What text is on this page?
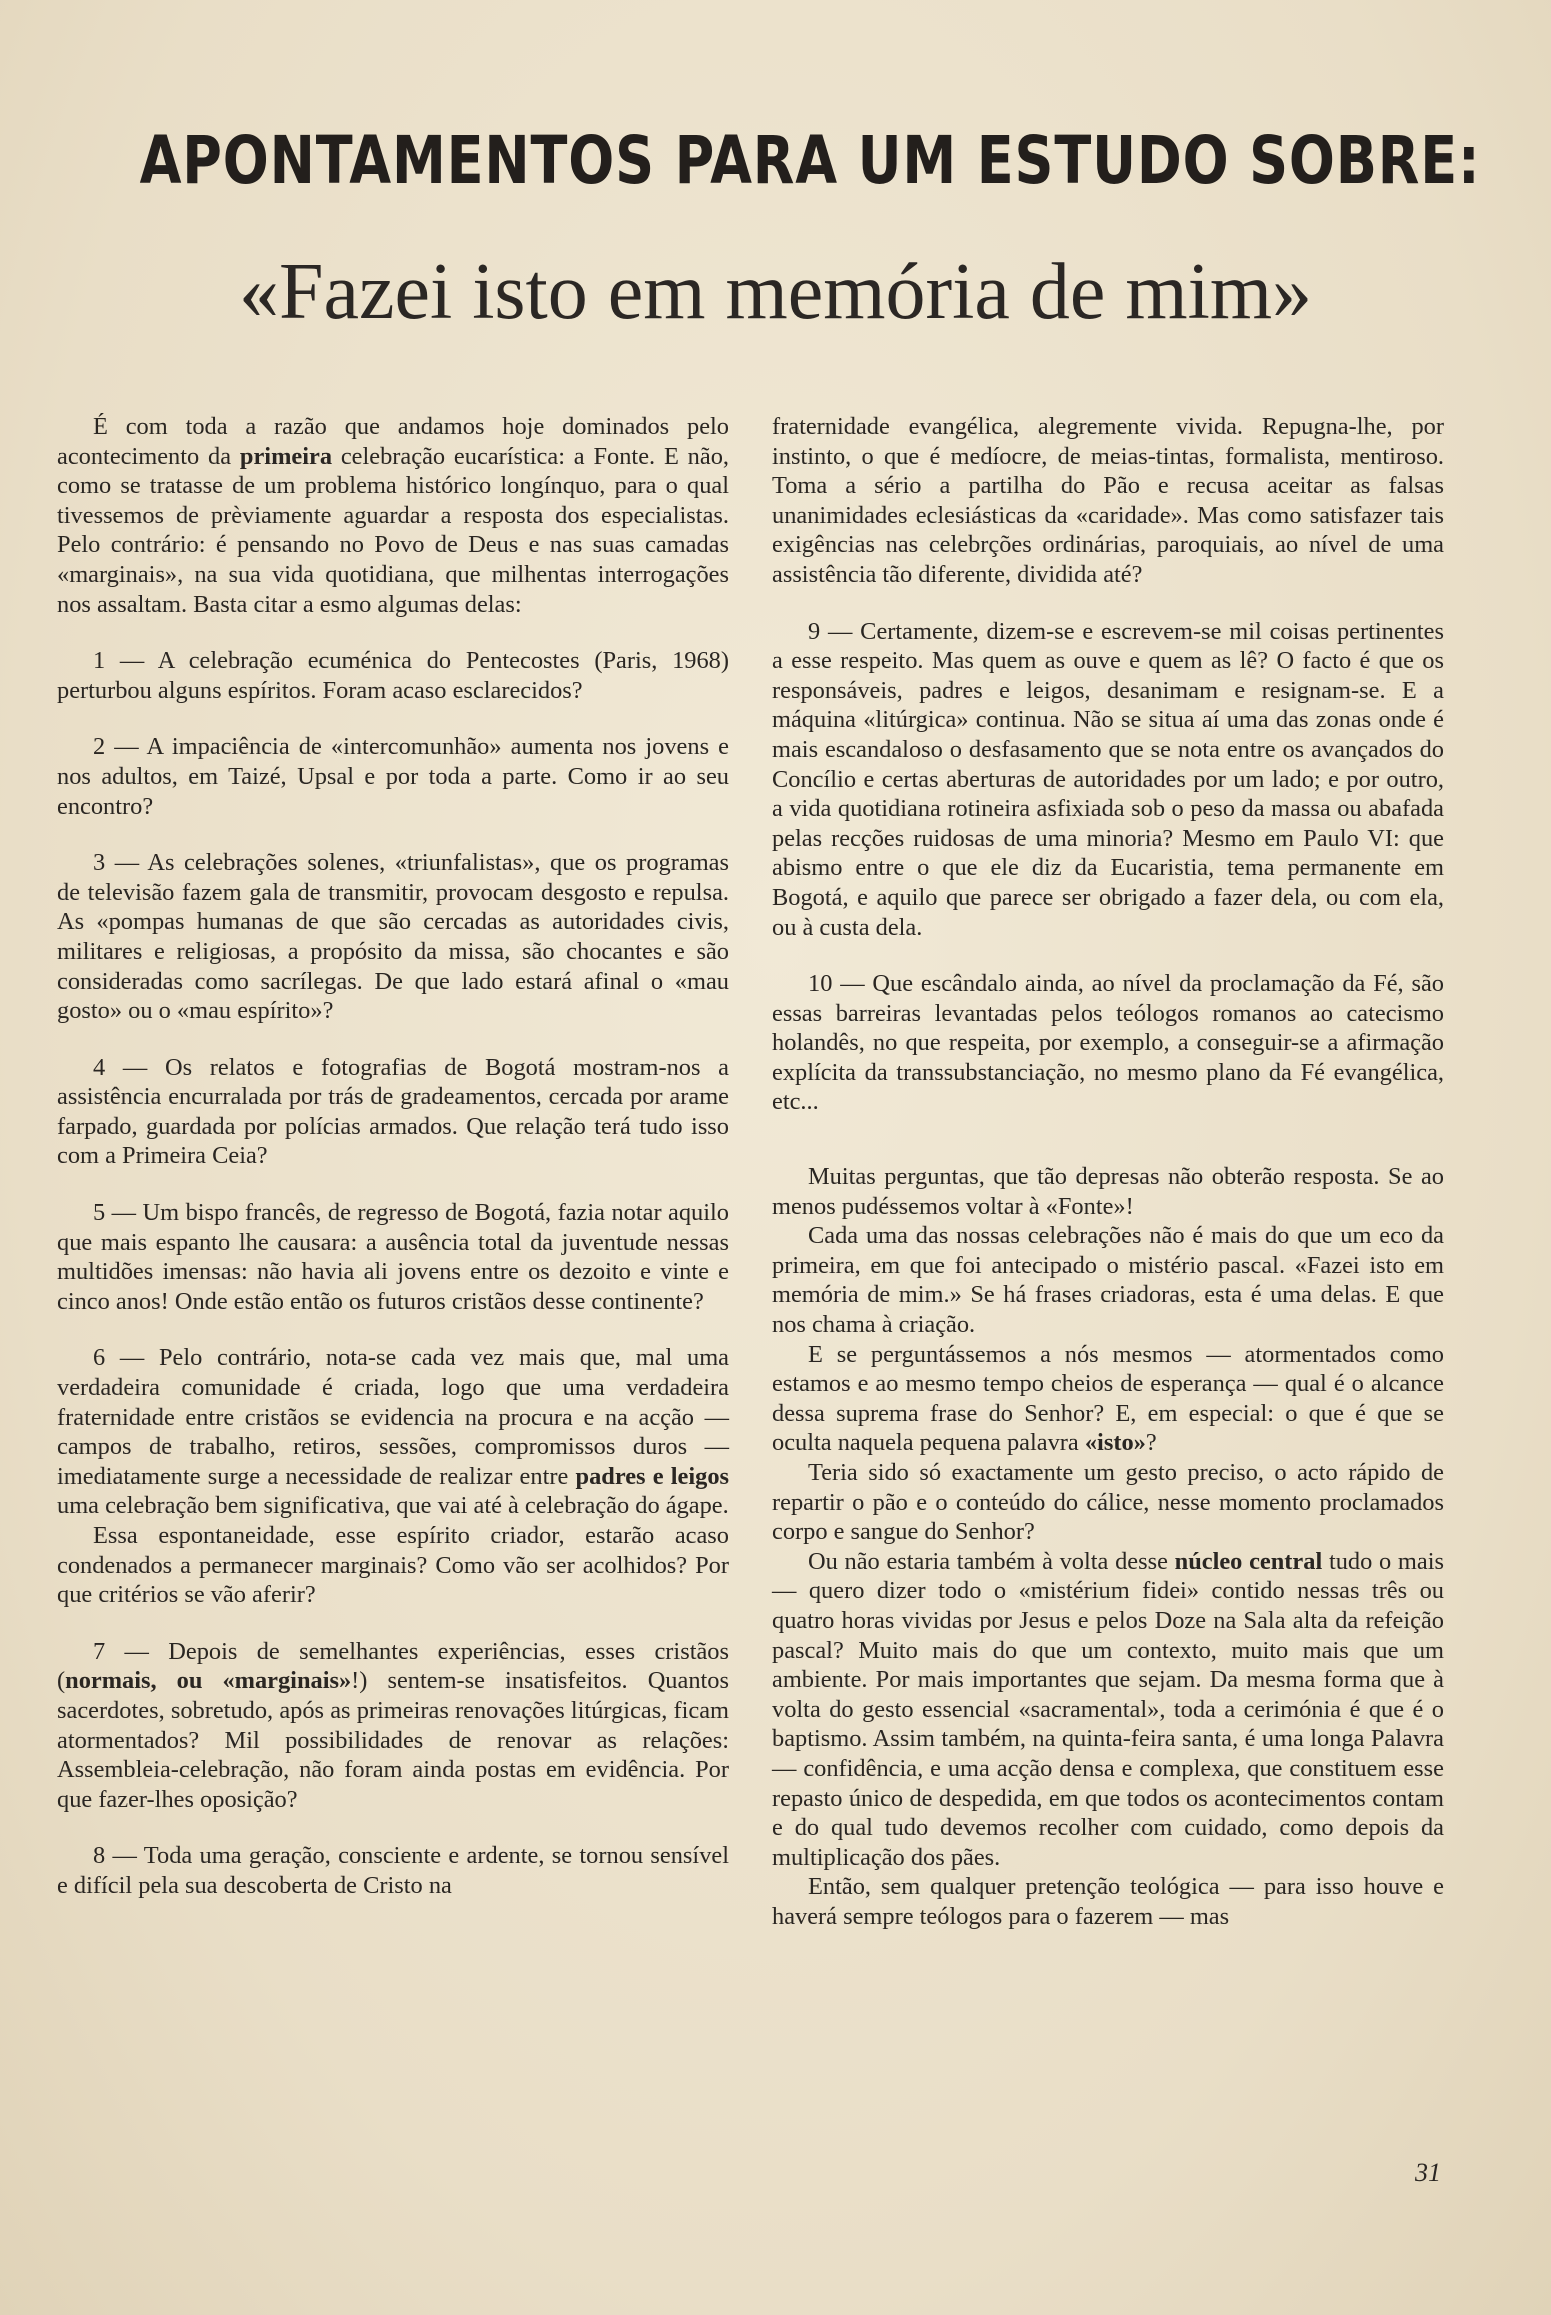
APONTAMENTOS PARA UM ESTUDO SOBRE:
«Fazei isto em memória de mim»

É com toda a razão que andamos hoje dominados pelo acontecimento da primeira celebração eucarística: a Fonte. E não, como se tratasse de um problema histórico longínquo, para o qual tivessemos de prèviamente aguardar a resposta dos especialistas. Pelo contrário: é pensando no Povo de Deus e nas suas camadas «marginais», na sua vida quotidiana, que milhentas interrogações nos assaltam. Basta citar a esmo algumas delas:

1 — A celebração ecuménica do Pentecostes (Paris, 1968) perturbou alguns espíritos. Foram acaso esclarecidos?

2 — A impaciência de «intercomunhão» aumenta nos jovens e nos adultos, em Taizé, Upsal e por toda a parte. Como ir ao seu encontro?

3 — As celebrações solenes, «triunfalistas», que os programas de televisão fazem gala de transmitir, provocam desgosto e repulsa. As «pompas humanas de que são cercadas as autoridades civis, militares e religiosas, a propósito da missa, são chocantes e são consideradas como sacrílegas. De que lado estará afinal o «mau gosto» ou o «mau espírito»?

4 — Os relatos e fotografias de Bogotá mostram-nos a assistência encurralada por trás de gradeamentos, cercada por arame farpado, guardada por polícias armados. Que relação terá tudo isso com a Primeira Ceia?

5 — Um bispo francês, de regresso de Bogotá, fazia notar aquilo que mais espanto lhe causara: a ausência total da juventude nessas multidões imensas: não havia ali jovens entre os dezoito e vinte e cinco anos! Onde estão então os futuros cristãos desse continente?

6 — Pelo contrário, nota-se cada vez mais que, mal uma verdadeira comunidade é criada, logo que uma verdadeira fraternidade entre cristãos se evidencia na procura e na acção — campos de trabalho, retiros, sessões, compromissos duros — imediatamente surge a necessidade de realizar entre padres e leigos uma celebração bem significativa, que vai até à celebração do ágape.

Essa espontaneidade, esse espírito criador, estarão acaso condenados a permanecer marginais? Como vão ser acolhidos? Por que critérios se vão aferir?

7 — Depois de semelhantes experiências, esses cristãos (normais, ou «marginais»!) sentem-se insatisfeitos. Quantos sacerdotes, sobretudo, após as primeiras renovações litúrgicas, ficam atormentados? Mil possibilidades de renovar as relações: Assembleia-celebração, não foram ainda postas em evidência. Por que fazer-lhes oposição?

8 — Toda uma geração, consciente e ardente, se tornou sensível e difícil pela sua descoberta de Cristo na

fraternidade evangélica, alegremente vivida. Repugna-lhe, por instinto, o que é medíocre, de meias-tintas, formalista, mentiroso. Toma a sério a partilha do Pão e recusa aceitar as falsas unanimidades eclesiásticas da «caridade». Mas como satisfazer tais exigências nas celebrções ordinárias, paroquiais, ao nível de uma assistência tão diferente, dividida até?

9 — Certamente, dizem-se e escrevem-se mil coisas pertinentes a esse respeito. Mas quem as ouve e quem as lê? O facto é que os responsáveis, padres e leigos, desanimam e resignam-se. E a máquina «litúrgica» continua. Não se situa aí uma das zonas onde é mais escandaloso o desfasamento que se nota entre os avançados do Concílio e certas aberturas de autoridades por um lado; e por outro, a vida quotidiana rotineira asfixiada sob o peso da massa ou abafada pelas recções ruidosas de uma minoria? Mesmo em Paulo VI: que abismo entre o que ele diz da Eucaristia, tema permanente em Bogotá, e aquilo que parece ser obrigado a fazer dela, ou com ela, ou à custa dela.

10 — Que escândalo ainda, ao nível da proclamação da Fé, são essas barreiras levantadas pelos teólogos romanos ao catecismo holandês, no que respeita, por exemplo, a conseguir-se a afirmação explícita da transsubstanciação, no mesmo plano da Fé evangélica, etc...

Muitas perguntas, que tão depresas não obterão resposta. Se ao menos pudéssemos voltar à «Fonte»!

Cada uma das nossas celebrações não é mais do que um eco da primeira, em que foi antecipado o mistério pascal. «Fazei isto em memória de mim.» Se há frases criadoras, esta é uma delas. E que nos chama à criação.

E se perguntássemos a nós mesmos — atormentados como estamos e ao mesmo tempo cheios de esperança — qual é o alcance dessa suprema frase do Senhor? E, em especial: o que é que se oculta naquela pequena palavra «isto»?

Teria sido só exactamente um gesto preciso, o acto rápido de repartir o pão e o conteúdo do cálice, nesse momento proclamados corpo e sangue do Senhor?

Ou não estaria também à volta desse núcleo central tudo o mais — quero dizer todo o «mistérium fidei» contido nessas três ou quatro horas vividas por Jesus e pelos Doze na Sala alta da refeição pascal? Muito mais do que um contexto, muito mais que um ambiente. Por mais importantes que sejam. Da mesma forma que à volta do gesto essencial «sacramental», toda a cerimónia é que é o baptismo. Assim também, na quinta-feira santa, é uma longa Palavra — confidência, e uma acção densa e complexa, que constituem esse repasto único de despedida, em que todos os acontecimentos contam e do qual tudo devemos recolher com cuidado, como depois da multiplicação dos pães.

Então, sem qualquer pretenção teológica — para isso houve e haverá sempre teólogos para o fazerem — mas

31
